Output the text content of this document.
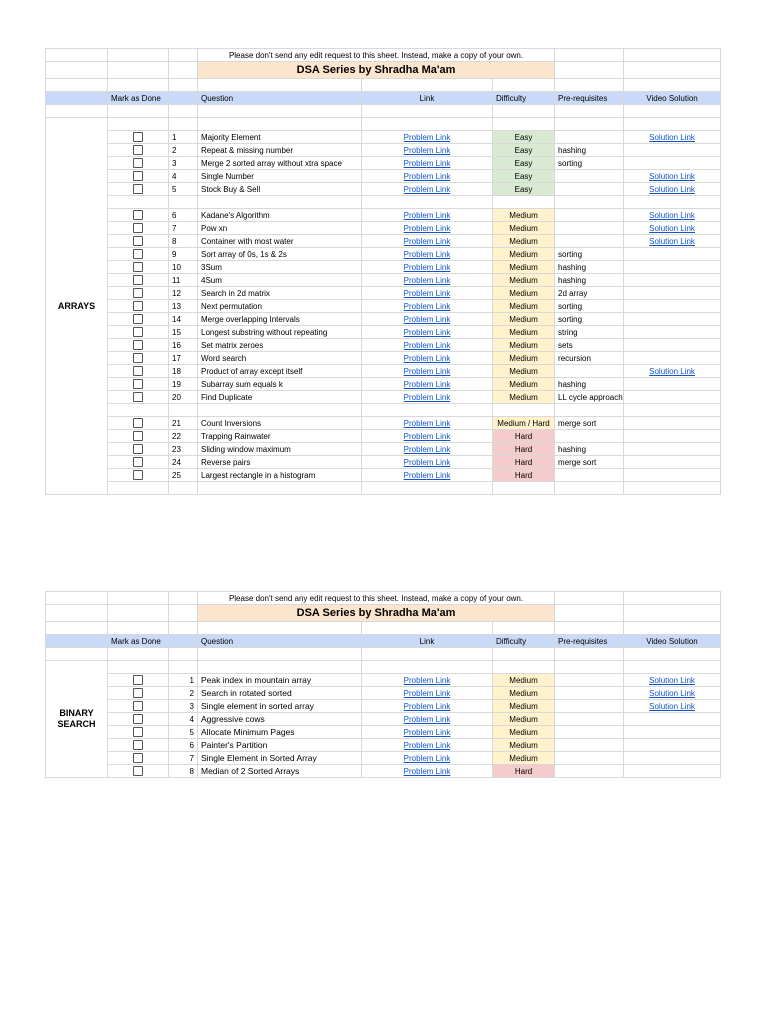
			Please don't send any edit request to this sheet. Instead, make a copy of your own.				
			DSA Series by Shradha Ma'am				

	Mark as Done		Question	Link	Difficulty	Pre-requisites	Video Solution

ARRAYS							
		1	Majority Element	Problem Link	Easy		Solution Link
		2	Repeat & missing number	Problem Link	Easy	hashing	
		3	Merge 2 sorted array without xtra space	Problem Link	Easy	sorting	
		4	Single Number	Problem Link	Easy		Solution Link
		5	Stock Buy & Sell	Problem Link	Easy		Solution Link

		6	Kadane's Algorithm	Problem Link	Medium		Solution Link
		7	Pow xn	Problem Link	Medium		Solution Link
		8	Container with most water	Problem Link	Medium		Solution Link
		9	Sort array of 0s, 1s & 2s	Problem Link	Medium	sorting	
		10	3Sum	Problem Link	Medium	hashing	
		11	4Sum	Problem Link	Medium	hashing	
		12	Search in 2d matrix	Problem Link	Medium	2d array	
		13	Next permutation	Problem Link	Medium	sorting	
		14	Merge overlapping Intervals	Problem Link	Medium	sorting	
		15	Longest substring without repeating	Problem Link	Medium	string	
		16	Set matrix zeroes	Problem Link	Medium	sets	
		17	Word search	Problem Link	Medium	recursion	
		18	Product of array except itself	Problem Link	Medium		Solution Link
		19	Subarray sum equals k	Problem Link	Medium	hashing	
		20	Find Duplicate	Problem Link	Medium	LL cycle approach	

		21	Count Inversions	Problem Link	Medium / Hard	merge sort	
		22	Trapping Rainwater	Problem Link	Hard		
		23	Sliding window maximum	Problem Link	Hard	hashing	
		24	Reverse pairs	Problem Link	Hard	merge sort	
		25	Largest rectangle in a histogram	Problem Link	Hard		

			Please don't send any edit request to this sheet. Instead, make a copy of your own.				
			DSA Series by Shradha Ma'am				

	Mark as Done		Question	Link	Difficulty	Pre-requisites	Video Solution

BINARY SEARCH							
		1	Peak index in mountain array	Problem Link	Medium		Solution Link
		2	Search in rotated sorted	Problem Link	Medium		Solution Link
		3	Single element in sorted array	Problem Link	Medium		Solution Link
		4	Aggressive cows	Problem Link	Medium		
		5	Allocate Minimum Pages	Problem Link	Medium		
		6	Painter's Partition	Problem Link	Medium		
		7	Single Element in Sorted Array	Problem Link	Medium		
		8	Median of 2 Sorted Arrays	Problem Link	Hard		
